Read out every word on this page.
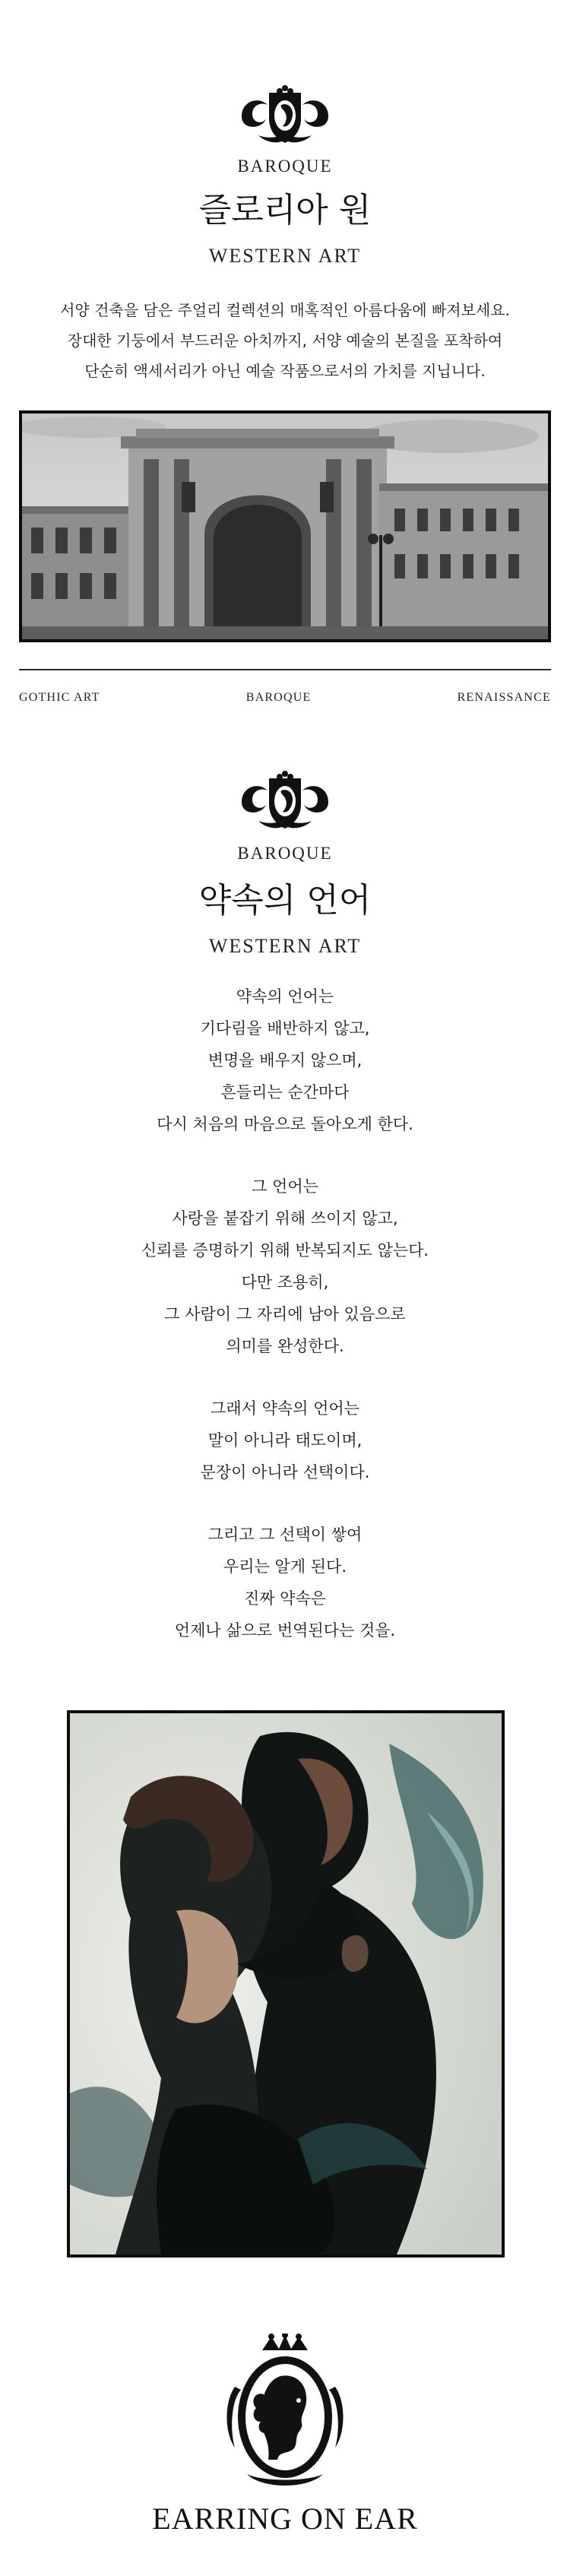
BAROQUE
즐로리아 원
WESTERN ART
서양 건축을 담은 주얼리 컬렉션의 매혹적인 아름다움에 빠져보세요.
장대한 기둥에서 부드러운 아치까지, 서양 예술의 본질을 포착하여
단순히 액세서리가 아닌 예술 작품으로서의 가치를 지닙니다.
GOTHIC ART	BAROQUE	RENAISSANCE
BAROQUE
약속의 언어
WESTERN ART

약속의 언어는

기다림을 배반하지 않고,

변명을 배우지 않으며,

흔들리는 순간마다

다시 처음의 마음으로 돌아오게 한다.

그 언어는

사랑을 붙잡기 위해 쓰이지 않고,

신뢰를 증명하기 위해 반복되지도 않는다.

다만 조용히,

그 사람이 그 자리에 남아 있음으로

의미를 완성한다.

그래서 약속의 언어는

말이 아니라 태도이며,

문장이 아니라 선택이다.

그리고 그 선택이 쌓여

우리는 알게 된다.

진짜 약속은

언제나 삶으로 번역된다는 것을.

EARRING ON EAR
